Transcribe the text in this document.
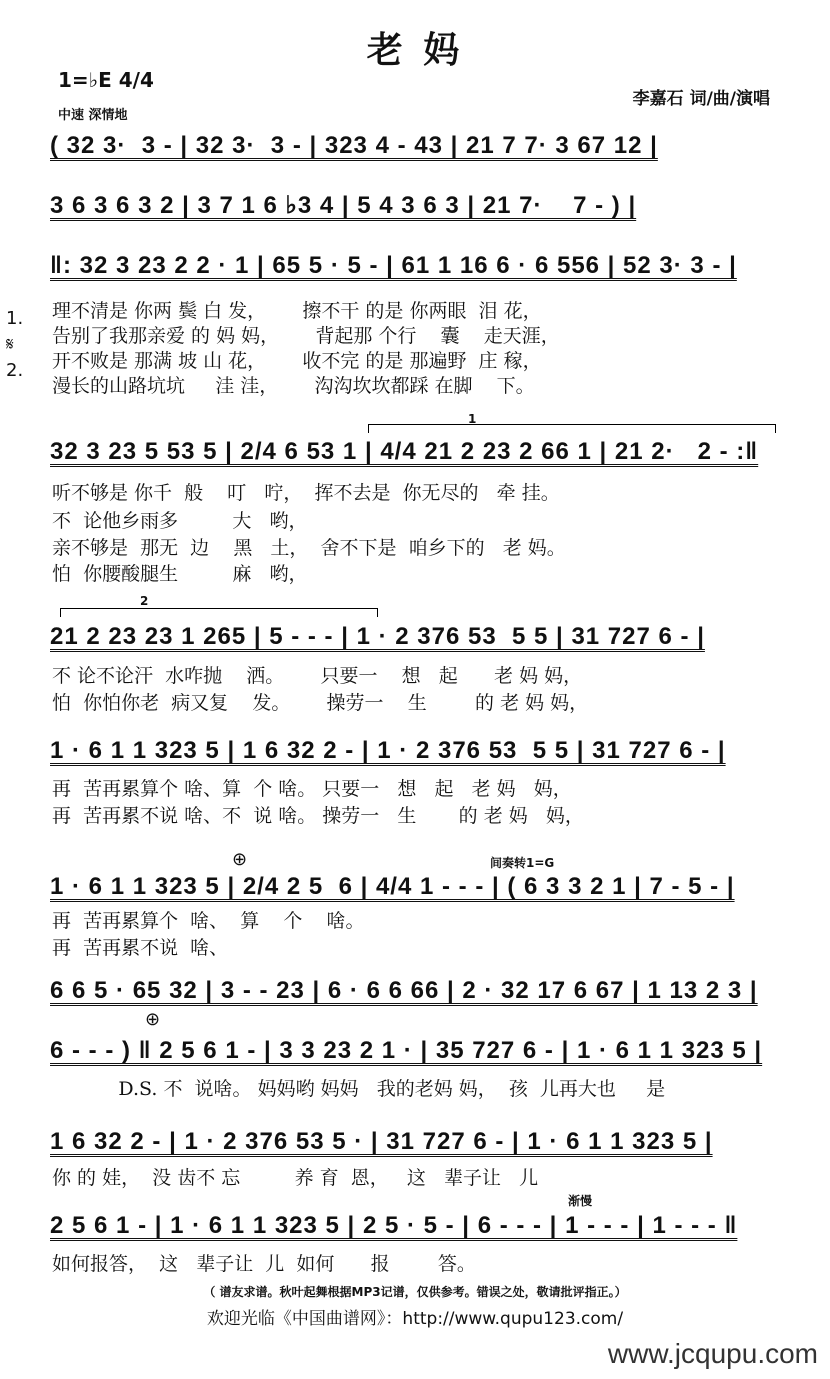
老 妈
1=♭E 4/4
中速 深情地
李嘉石 词/曲/演唱
1.
𝄋
2.
1
2
间奏转1=G
渐慢
⊕
⊕
( 32 3·  3 - | 32 3·  3 - | 323 4 - 43 | 21 7 7· 3 67 12 |
3 6 3 6 3 2 | 3 7 1 6 ♭3 4 | 5 4 3 6 3 | 21 7·    7 - ) |
‖: 32 3 23 2 2 · 1 | 65 5 · 5 - | 61 1 16 6 · 6 556 | 52 3· 3 - |
理不清是 你两 鬓 白 发，      擦不干 的是 你两眼  泪 花，
告别了我那亲爱 的 妈 妈，      背起那 个行    囊    走天涯，
开不败是 那满 坡 山 花，      收不完 的是 那遍野  庄 稼，
漫长的山路坑坑     洼 洼，      沟沟坎坎都踩 在脚    下。
32 3 23 5 53 5 | 2/4 6 53 1 | 4/4 21 2 23 2 66 1 | 21 2·   2 - :‖
听不够是 你千  般    叮   咛，  挥不去是  你无尽的   牵 挂。
不  论他乡雨多         大   哟，
亲不够是  那无  边    黑   土，  舍不下是  咱乡下的   老 妈。
怕  你腰酸腿生         麻   哟，
21 2 23 23 1 265 | 5 - - - | 1 · 2 376 53  5 5 | 31 727 6 - |
不 论不论汗  水咋抛    洒。      只要一    想   起      老 妈 妈，
怕  你怕你老  病又复    发。      操劳一    生        的 老 妈 妈，
1 · 6 1 1 323 5 | 1 6 32 2 - | 1 · 2 376 53  5 5 | 31 727 6 - |
再  苦再累算个 啥、算  个 啥。 只要一   想   起   老 妈   妈，
再  苦再累不说 啥、不  说 啥。 操劳一   生       的 老 妈   妈，
1 · 6 1 1 323 5 | 2/4 2 5  6 | 4/4 1 - - - | ( 6 3 3 2 1 | 7 - 5 - |
再  苦再累算个  啥、  算    个    啥。
再  苦再累不说  啥、
6 6 5 · 65 32 | 3 - - 23 | 6 · 6 6 66 | 2 · 32 17 6 67 | 1 13 2 3 |
6 - - - ) ‖ 2 5 6 1 - | 3 3 23 2 1 · | 35 727 6 - | 1 · 6 1 1 323 5 |
D.S. 不  说啥。 妈妈哟 妈妈   我的老妈 妈，  孩  儿再大也     是
1 6 32 2 - | 1 · 2 376 53 5 · | 31 727 6 - | 1 · 6 1 1 323 5 |
你 的 娃，  没 齿不 忘         养 育  恩，   这   辈子让   儿
2 5 6 1 - | 1 · 6 1 1 323 5 | 2 5 · 5 - | 6 - - - | 1 - - - | 1 - - - ‖
如何报答，  这   辈子让  儿  如何      报        答。
（ 谱友求谱。秋叶起舞根据MP3记谱，仅供参考。错误之处，敬请批评指正。）
欢迎光临《中国曲谱网》：http://www.qupu123.com/
www.jcqupu.com
